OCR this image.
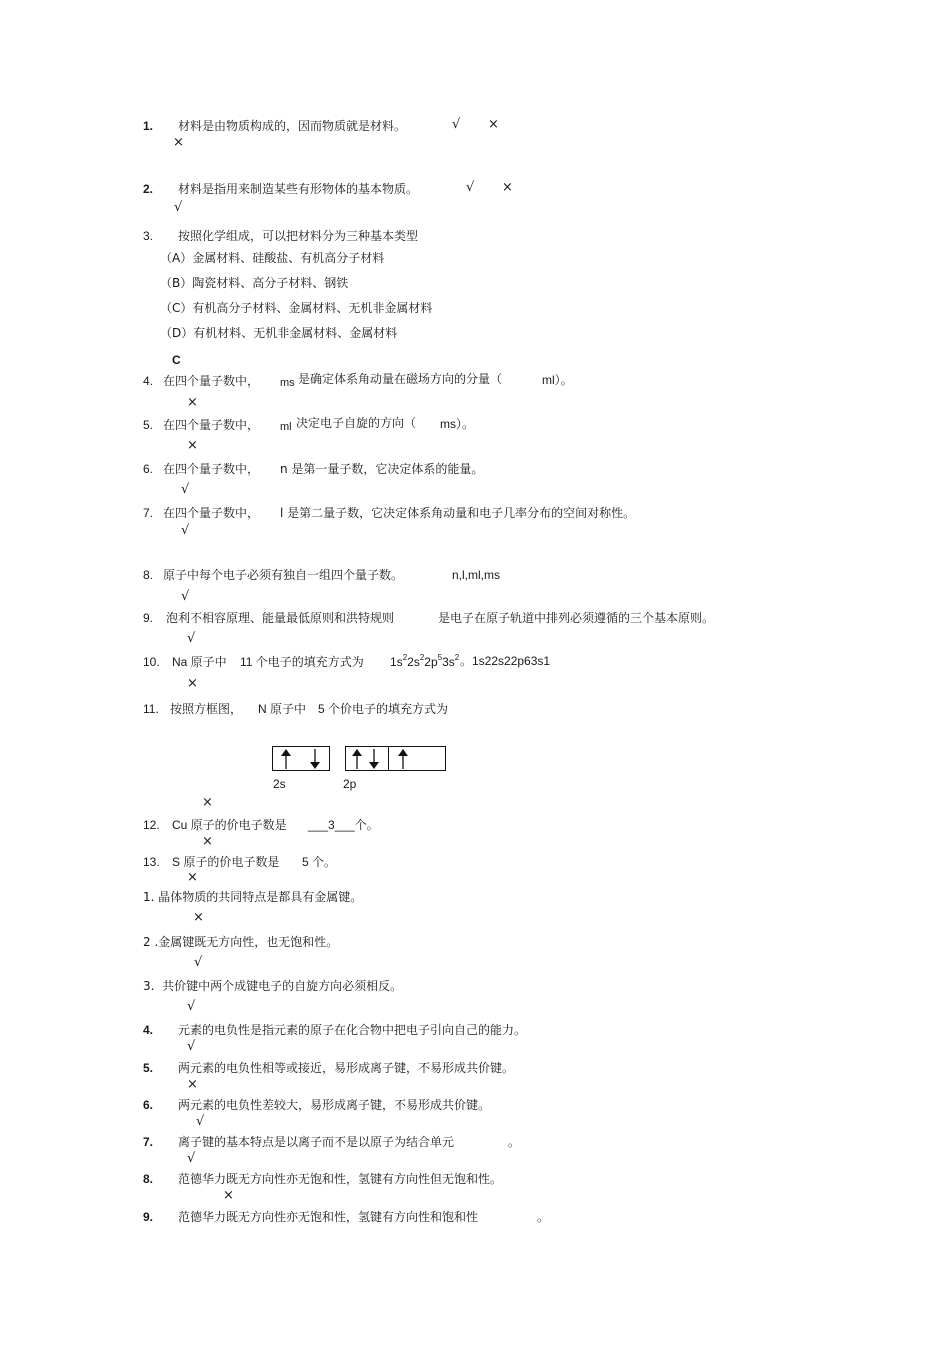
1. 材料是由物质构成的，因而物质就是材料。	√ ×
×
2. 材料是指用来制造某些有形物体的基本物质。	√ ×
√
3. 按照化学组成，可以把材料分为三种基本类型
（A）金属材料、硅酸盐、有机高分子材料
（B）陶瓷材料、高分子材料、钢铁
（C）有机高分子材料、金属材料、无机非金属材料
（D）有机材料、无机非金属材料、金属材料
C
4. 在四个量子数中， ms 是确定体系角动量在磁场方向的分量（	ml）。
×
5. 在四个量子数中， ml 决定电子自旋的方向（ ms）。
×
6. 在四个量子数中， n 是第一量子数，它决定体系的能量。
√
7. 在四个量子数中， l 是第二量子数，它决定体系角动量和电子几率分布的空间对称性。
√
8. 原子中每个电子必须有独自一组四个量子数。	n,l,ml,ms
√
9. 泡利不相容原理、能量最低原则和洪特规则	是电子在原子轨道中排列必须遵循的三个基本原则。
√
10. Na 原子中 11 个电子的填充方式为 $1s^22s^22p^53s^2$ 。1s22s22p63s1
×
11. 按照方框图， N 原子中 5 个价电子的填充方式为
2s	2p
×
12. Cu 原子的价电子数是 ___3___个。
×
13. S 原子的价电子数是 5 个。
×
1. 晶体物质的共同特点是都具有金属键。
×
2 .金属键既无方向性，也无饱和性。
√
3.  共价键中两个成键电子的自旋方向必须相反。
√
4. 元素的电负性是指元素的原子在化合物中把电子引向自己的能力。
√
5. 两元素的电负性相等或接近，易形成离子键，不易形成共价键。
×
6. 两元素的电负性差较大，易形成离子键，不易形成共价键。
√
7. 离子键的基本特点是以离子而不是以原子为结合单元	。
√
8. 范德华力既无方向性亦无饱和性，氢键有方向性但无饱和性。
×
9. 范德华力既无方向性亦无饱和性，氢键有方向性和饱和性	。
